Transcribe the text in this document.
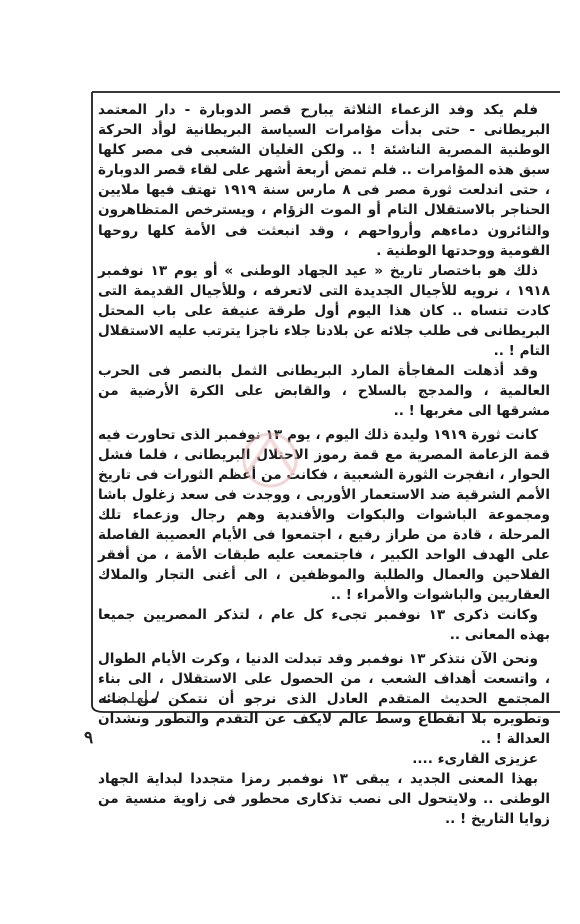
فلم يكد وفد الزعماء الثلاثة يبارح قصر الدوبارة - دار المعتمد البريطانى - حتى بدأت مؤامرات السياسة البريطانية لوأد الحركة الوطنية المصرية الناشئة ! .. ولكن الغليان الشعبى فى مصر كلها سبق هذه المؤامرات .. فلم تمض أربعة أشهر على لقاء قصر الدوبارة ، حتى اندلعت ثورة مصر فى ٨ مارس سنة ١٩١٩ تهتف فيها ملايين الحناجر بالاستقلال التام أو الموت الزؤام ، ويسترخص المتظاهرون والثائرون دماءهم وأرواحهم ، وقد انبعثت فى الأمة كلها روحها القومية ووحدتها الوطنية .

ذلك هو باختصار تاريخ « عيد الجهاد الوطنى » أو يوم ١٣ نوفمبر ١٩١٨ ، نرويه للأجيال الجديدة التى لاتعرفه ، وللأجيال القديمة التى كادت تنساه .. كان هذا اليوم أول طرقة عنيفة على باب المحتل البريطانى فى طلب جلائه عن بلادنا جلاء ناجزا يترتب عليه الاستقلال التام ! ..

وقد أذهلت المفاجأة المارد البريطانى الثمل بالنصر فى الحرب العالمية ، والمدجج بالسلاح ، والقابض على الكرة الأرضية من مشرقها الى مغربها ! ..

كانت ثورة ١٩١٩ وليدة ذلك اليوم ، يوم ١٣ نوفمبر الذى تحاورت فيه قمة الزعامة المصرية مع قمة رموز الاحتلال البريطانى ، فلما فشل الحوار ، انفجرت الثورة الشعبية ، فكانت من أعظم الثورات فى تاريخ الأمم الشرقية ضد الاستعمار الأوربى ، ووجدت فى سعد زغلول باشا ومجموعة الباشوات والبكوات والأفندية وهم رجال وزعماء تلك المرحلة ، قادة من طراز رفيع ، اجتمعوا فى الأيام العصيبة الفاصلة على الهدف الواحد الكبير ، فاجتمعت عليه طبقات الأمة ، من أفقر الفلاحين والعمال والطلبة والموظفين ، الى أغنى التجار والملاك العقاريين والباشوات والأمراء ! ..

وكانت ذكرى ١٣ نوفمبر تجىء كل عام ، لتذكر المصريين جميعا بهذه المعانى ..

ونحن الآن نتذكر ١٣ نوفمبر وقد تبدلت الدنيا ، وكرت الأيام الطوال ، واتسعت أهداف الشعب ، من الحصول على الاستقلال ، الى بناء المجتمع الحديث المتقدم العادل الذى نرجو أن نتمكن من بنائه وتطويره بلا انقطاع وسط عالم لايكف عن التقدم والتطور ونشدان العدالة ! ..

عزيزى القارىء ....

بهذا المعنى الجديد ، يبقى ١٣ نوفمبر رمزا متجددا لبداية الجهاد الوطنى .. ولايتحول الى نصب تذكارى محطور فى زاوية منسية من زوايا التاريخ ! ..

٩
